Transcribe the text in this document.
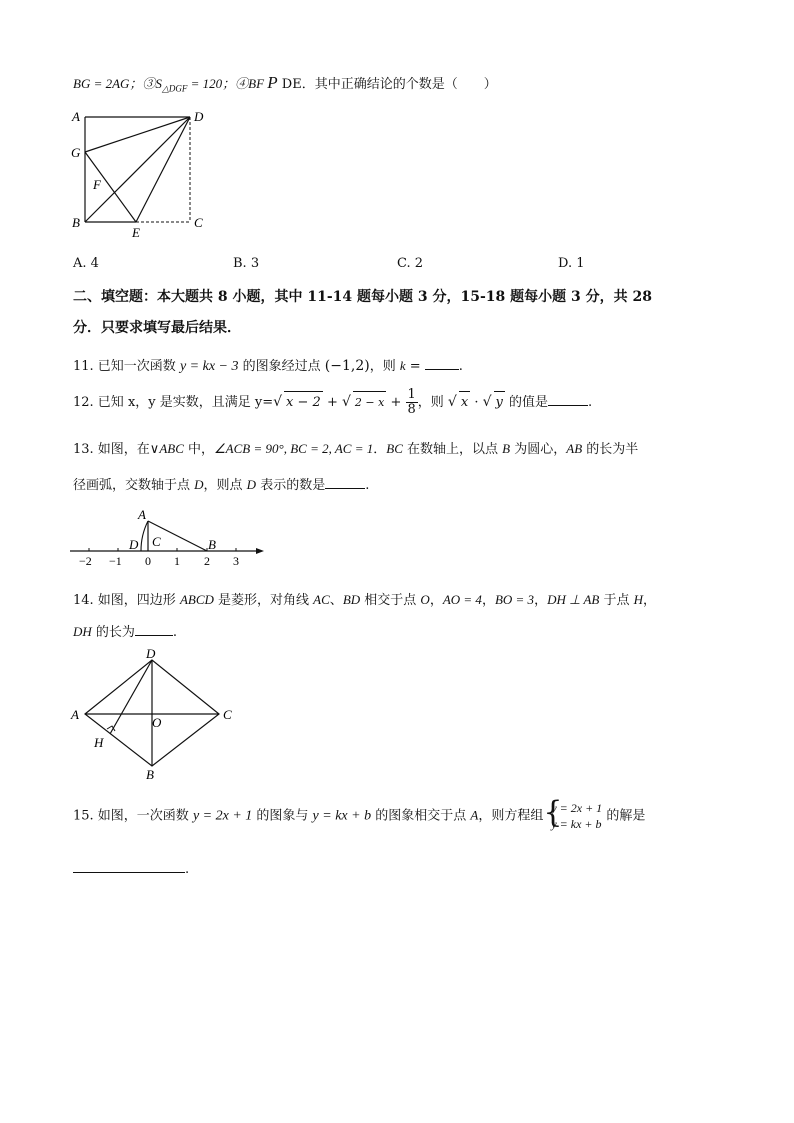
BG = 2AG；$③S_{\triangle DGF} = 120$；④BF P DE．其中正确结论的个数是（　　）
A	D
G
F
B
E
C
A. 4	B. 3	C. 2	D. 1
二、填空题：本大题共 8 小题，其中 11-14 题每小题 3 分，15-18 题每小题 3 分，共 28
分．只要求填写最后结果．
11. 已知一次函数 y = kx − 3 的图象经过点 (−1,2)，则 k =	.
12. 已知 x，y 是实数，且满足 y=√ x − 2 + √ $2 - x + \frac{1}{8}$ ，则 √ x · √ y 的值是	.
13. 如图，在∨ABC 中，∠ACB = 90°, BC = 2, AC = 1．BC 在数轴上，以点 B 为圆心，AB 的长为半
径画弧，交数轴于点 D，则点 D 表示的数是	.
−2 −1 0 1 2 3
A
D C	B
14. 如图，四边形 ABCD 是菱形，对角线 AC、BD 相交于点 O，AO = 4，BO = 3，DH ⊥ AB 于点 H，
DH 的长为	.
D
A
O
C
H
B
15. 如图，一次函数 y = 2x + 1 的图象与 y = kx + b 的图象相交于点 A，则方程组 {
y = 2x + 1
y = kx + b
的解是
.
